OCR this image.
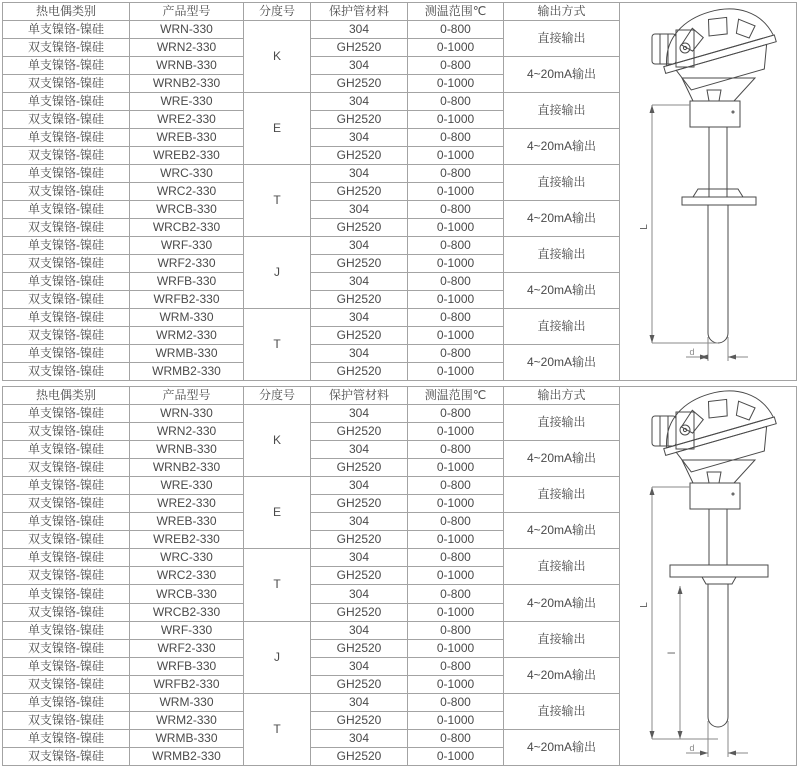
热电偶类别	产品型号	分度号	保护管材料	测温范围℃	输出方式	L
d

单支镍铬-镍硅	WRN-330	K	304	0-800	直接输出	
双支镍铬-镍硅	WRN2-330		GH2520	0-1000		
单支镍铬-镍硅	WRNB-330		304	0-800	4~20mA输出	
双支镍铬-镍硅	WRNB2-330		GH2520	0-1000		
单支镍铬-镍硅	WRE-330	E	304	0-800	直接输出	
双支镍铬-镍硅	WRE2-330		GH2520	0-1000		
单支镍铬-镍硅	WREB-330		304	0-800	4~20mA输出	
双支镍铬-镍硅	WREB2-330		GH2520	0-1000		
单支镍铬-镍硅	WRC-330	T	304	0-800	直接输出	
双支镍铬-镍硅	WRC2-330		GH2520	0-1000		
单支镍铬-镍硅	WRCB-330		304	0-800	4~20mA输出	
双支镍铬-镍硅	WRCB2-330		GH2520	0-1000		
单支镍铬-镍硅	WRF-330	J	304	0-800	直接输出	
双支镍铬-镍硅	WRF2-330		GH2520	0-1000		
单支镍铬-镍硅	WRFB-330		304	0-800	4~20mA输出	
双支镍铬-镍硅	WRFB2-330		GH2520	0-1000		
单支镍铬-镍硅	WRM-330	T	304	0-800	直接输出	
双支镍铬-镍硅	WRM2-330		GH2520	0-1000		
单支镍铬-镍硅	WRMB-330		304	0-800	4~20mA输出	
双支镍铬-镍硅	WRMB2-330		GH2520	0-1000		
热电偶类别	产品型号	分度号	保护管材料	测温范围℃	输出方式	L
l
d

单支镍铬-镍硅	WRN-330	K	304	0-800	直接输出	
双支镍铬-镍硅	WRN2-330		GH2520	0-1000		
单支镍铬-镍硅	WRNB-330		304	0-800	4~20mA输出	
双支镍铬-镍硅	WRNB2-330		GH2520	0-1000		
单支镍铬-镍硅	WRE-330	E	304	0-800	直接输出	
双支镍铬-镍硅	WRE2-330		GH2520	0-1000		
单支镍铬-镍硅	WREB-330		304	0-800	4~20mA输出	
双支镍铬-镍硅	WREB2-330		GH2520	0-1000		
单支镍铬-镍硅	WRC-330	T	304	0-800	直接输出	
双支镍铬-镍硅	WRC2-330		GH2520	0-1000		
单支镍铬-镍硅	WRCB-330		304	0-800	4~20mA输出	
双支镍铬-镍硅	WRCB2-330		GH2520	0-1000		
单支镍铬-镍硅	WRF-330	J	304	0-800	直接输出	
双支镍铬-镍硅	WRF2-330		GH2520	0-1000		
单支镍铬-镍硅	WRFB-330		304	0-800	4~20mA输出	
双支镍铬-镍硅	WRFB2-330		GH2520	0-1000		
单支镍铬-镍硅	WRM-330	T	304	0-800	直接输出	
双支镍铬-镍硅	WRM2-330		GH2520	0-1000		
单支镍铬-镍硅	WRMB-330		304	0-800	4~20mA输出	
双支镍铬-镍硅	WRMB2-330		GH2520	0-1000		
